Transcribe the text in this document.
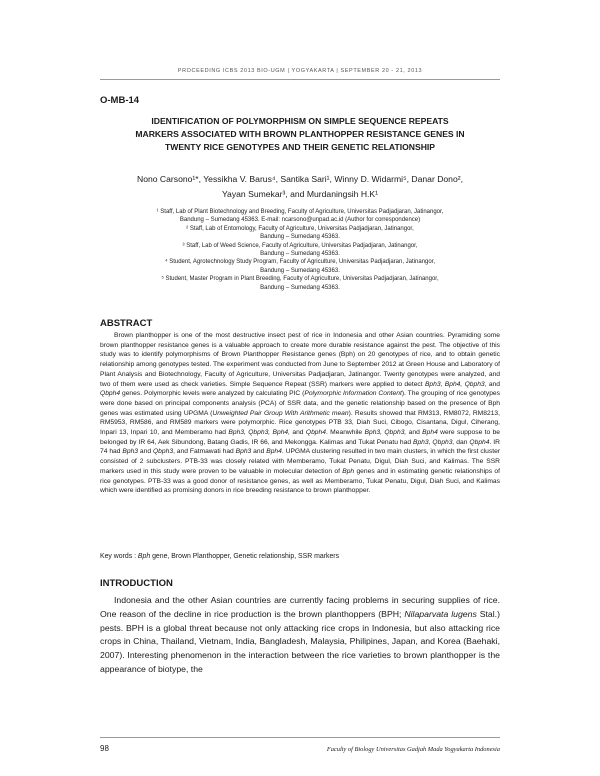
PROCEEDING ICBS 2013 BIO-UGM | YOGYAKARTA | SEPTEMBER 20 - 21, 2013
O-MB-14
IDENTIFICATION OF POLYMORPHISM ON SIMPLE SEQUENCE REPEATS
MARKERS ASSOCIATED WITH BROWN PLANTHOPPER RESISTANCE GENES IN
TWENTY RICE GENOTYPES AND THEIR GENETIC RELATIONSHIP
Nono Carsono¹*, Yessikha V. Barus⁴, Santika Sari¹, Winny D. Widarmi⁵, Danar Dono²,
Yayan Sumekar³, and Murdaningsih H.K¹
¹ Staff, Lab of Plant Biotechnology and Breeding, Faculty of Agriculture, Universitas Padjadjaran, Jatinangor,
Bandung – Sumedang 45363. E-mail: ncarsono@unpad.ac.id (Author for correspondence)
² Staff, Lab of Entomology, Faculty of Agriculture, Universitas Padjadjaran, Jatinangor,
Bandung – Sumedang 45363.
³ Staff, Lab of Weed Science, Faculty of Agriculture, Universitas Padjadjaran, Jatinangor,
Bandung – Sumedang 45363.
⁴ Student, Agrotechnology Study Program, Faculty of Agriculture, Universitas Padjadjaran, Jatinangor,
Bandung – Sumedang 45363.
⁵ Student, Master Program in Plant Breeding, Faculty of Agriculture, Universitas Padjadjaran, Jatinangor,
Bandung – Sumedang 45363.
ABSTRACT

Brown planthopper is one of the most destructive insect pest of rice in Indonesia and other Asian countries. Pyramiding some brown planthopper resistance genes is a valuable approach to create more durable resistance against the pest. The objective of this study was to identify polymorphisms of Brown Planthopper Resistance genes (Bph) on 20 genotypes of rice, and to obtain genetic relationship among genotypes tested. The experiment was conducted from June to September 2012 at Green House and Laboratory of Plant Analysis and Biotechnology, Faculty of Agriculture, Universitas Padjadjaran, Jatinangor. Twenty genotypes were analyzed, and two of them were used as check varieties. Simple Sequence Repeat (SSR) markers were applied to detect Bph3, Bph4, Qbph3, and Qbph4 genes. Polymorphic levels were analyzed by calculating PIC (Polymorphic Information Content). The grouping of rice genotypes were done based on principal components analysis (PCA) of SSR data, and the genetic relationship based on the presence of Bph genes was estimated using UPGMA (Unweighted Pair Group With Arithmetic mean). Results showed that RM313, RM8072, RM8213, RM5953, RM586, and RM589 markers were polymorphic. Rice genotypes PTB 33, Diah Suci, Cibogo, Cisantana, Digul, Ciherang, Inpari 13, Inpari 10, and Memberamo had Bph3, Qbph3, Bph4, and Qbph4. Meanwhile Bph3, Qbph3, and Bph4 were suppose to be belonged by IR 64, Aek Sibundong, Batang Gadis, IR 66, and Mekongga. Kalimas and Tukat Penatu had Bph3, Qbph3, dan Qbph4. IR 74 had Bph3 and Qbph3, and Fatmawati had Bph3 and Bph4. UPGMA clustering resulted in two main clusters, in which the first cluster consisted of 2 subclusters. PTB-33 was closely related with Memberamo, Tukat Penatu, Digul, Diah Suci, and Kalimas. The SSR markers used in this study were proven to be valuable in molecular detection of Bph genes and in estimating genetic relationships of rice genotypes. PTB-33 was a good donor of resistance genes, as well as Memberamo, Tukat Penatu, Digul, Diah Suci, and Kalimas which were identified as promising donors in rice breeding resistance to brown planthopper.

Key words : Bph gene, Brown Planthopper, Genetic relationship, SSR markers
INTRODUCTION

Indonesia and the other Asian countries are currently facing problems in securing supplies of rice. One reason of the decline in rice production is the brown planthoppers (BPH; Nilaparvata lugens Stal.) pests. BPH is a global threat because not only attacking rice crops in Indonesia, but also attacking rice crops in China, Thailand, Vietnam, India, Bangladesh, Malaysia, Philipines, Japan, and Korea (Baehaki, 2007). Interesting phenomenon in the interaction between the rice varieties to brown planthopper is the appearance of biotype, the

98	Faculty of Biology Universitas Gadjah Mada Yogyakarta Indonesia
